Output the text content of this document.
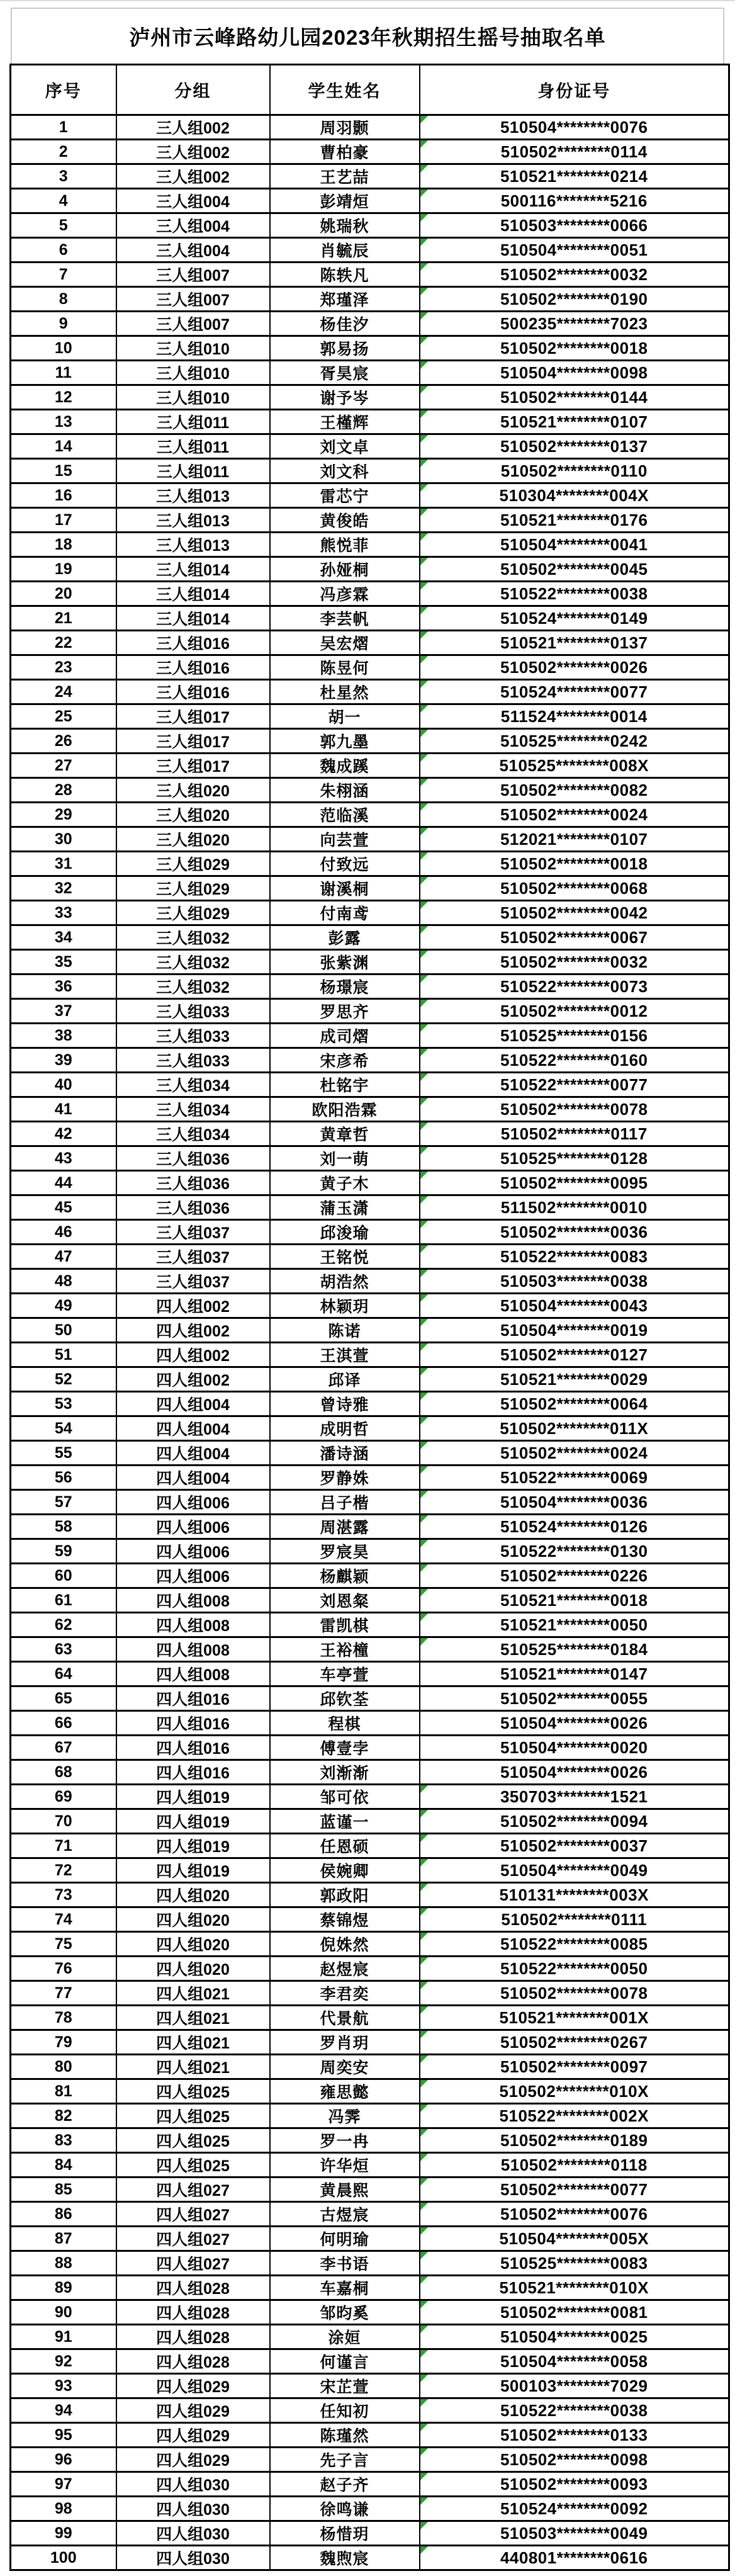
泸州市云峰路幼儿园2023年秋期招生摇号抽取名单
序号	分组	学生姓名	身份证号
1	三人组002	周羽颢	510504********0076
2	三人组002	曹柏豪	510502********0114
3	三人组002	王艺喆	510521********0214
4	三人组004	彭靖烜	500116********5216
5	三人组004	姚瑞秋	510503********0066
6	三人组004	肖毓辰	510504********0051
7	三人组007	陈轶凡	510502********0032
8	三人组007	郑瑾泽	510502********0190
9	三人组007	杨佳汐	500235********7023
10	三人组010	郭易扬	510502********0018
11	三人组010	胥昊宸	510504********0098
12	三人组010	谢予岑	510502********0144
13	三人组011	王槿辉	510521********0107
14	三人组011	刘文卓	510502********0137
15	三人组011	刘文科	510502********0110
16	三人组013	雷芯宁	510304********004X
17	三人组013	黄俊皓	510521********0176
18	三人组013	熊悦菲	510504********0041
19	三人组014	孙娅桐	510502********0045
20	三人组014	冯彦霖	510522********0038
21	三人组014	李芸帆	510524********0149
22	三人组016	吴宏熠	510521********0137
23	三人组016	陈昱何	510502********0026
24	三人组016	杜星然	510524********0077
25	三人组017	胡一	511524********0014
26	三人组017	郭九墨	510525********0242
27	三人组017	魏成蹊	510525********008X
28	三人组020	朱栩涵	510502********0082
29	三人组020	范临溪	510502********0024
30	三人组020	向芸萱	512021********0107
31	三人组029	付致远	510502********0018
32	三人组029	谢溪桐	510502********0068
33	三人组029	付南鸢	510502********0042
34	三人组032	彭露	510502********0067
35	三人组032	张紫渊	510502********0032
36	三人组032	杨璟宸	510522********0073
37	三人组033	罗思齐	510502********0012
38	三人组033	成司熠	510525********0156
39	三人组033	宋彦希	510522********0160
40	三人组034	杜铭宇	510522********0077
41	三人组034	欧阳浩霖	510502********0078
42	三人组034	黄章哲	510502********0117
43	三人组036	刘一萌	510525********0128
44	三人组036	黄子木	510502********0095
45	三人组036	蒲玉潇	511502********0010
46	三人组037	邱浚瑜	510502********0036
47	三人组037	王铭悦	510522********0083
48	三人组037	胡浩然	510503********0038
49	四人组002	林颖玥	510504********0043
50	四人组002	陈诺	510504********0019
51	四人组002	王淇萱	510502********0127
52	四人组002	邱译	510521********0029
53	四人组004	曾诗雅	510502********0064
54	四人组004	成明哲	510502********011X
55	四人组004	潘诗涵	510502********0024
56	四人组004	罗静姝	510522********0069
57	四人组006	吕子楷	510504********0036
58	四人组006	周湛露	510524********0126
59	四人组006	罗宸昊	510522********0130
60	四人组006	杨麒颖	510502********0226
61	四人组008	刘恩粲	510521********0018
62	四人组008	雷凯棋	510521********0050
63	四人组008	王裕橦	510525********0184
64	四人组008	车亭萱	510521********0147
65	四人组016	邱钦荃	510502********0055
66	四人组016	程棋	510504********0026
67	四人组016	傅壹孛	510504********0020
68	四人组016	刘渐渐	510504********0026
69	四人组019	邹可依	350703********1521
70	四人组019	蓝谨一	510502********0094
71	四人组019	任恩硕	510502********0037
72	四人组019	侯婉卿	510504********0049
73	四人组020	郭政阳	510131********003X
74	四人组020	蔡锦煜	510502********0111
75	四人组020	倪姝然	510522********0085
76	四人组020	赵煜宸	510522********0050
77	四人组021	李君奕	510502********0078
78	四人组021	代景航	510521********001X
79	四人组021	罗肖玥	510502********0267
80	四人组021	周奕安	510502********0097
81	四人组025	雍思懿	510502********010X
82	四人组025	冯霁	510522********002X
83	四人组025	罗一冉	510502********0189
84	四人组025	许华烜	510502********0118
85	四人组027	黄晨熙	510502********0077
86	四人组027	古煜宸	510502********0076
87	四人组027	何明瑜	510504********005X
88	四人组027	李书语	510525********0083
89	四人组028	车嘉桐	510521********010X
90	四人组028	邹昀奚	510502********0081
91	四人组028	涂姮	510504********0025
92	四人组028	何谨言	510504********0058
93	四人组029	宋芷萱	500103********7029
94	四人组029	任知初	510522********0038
95	四人组029	陈瑾然	510502********0133
96	四人组029	先子言	510502********0098
97	四人组030	赵子齐	510502********0093
98	四人组030	徐鸣谦	510524********0092
99	四人组030	杨惜玥	510503********0049
100	四人组030	魏煦宸	440801********0616
